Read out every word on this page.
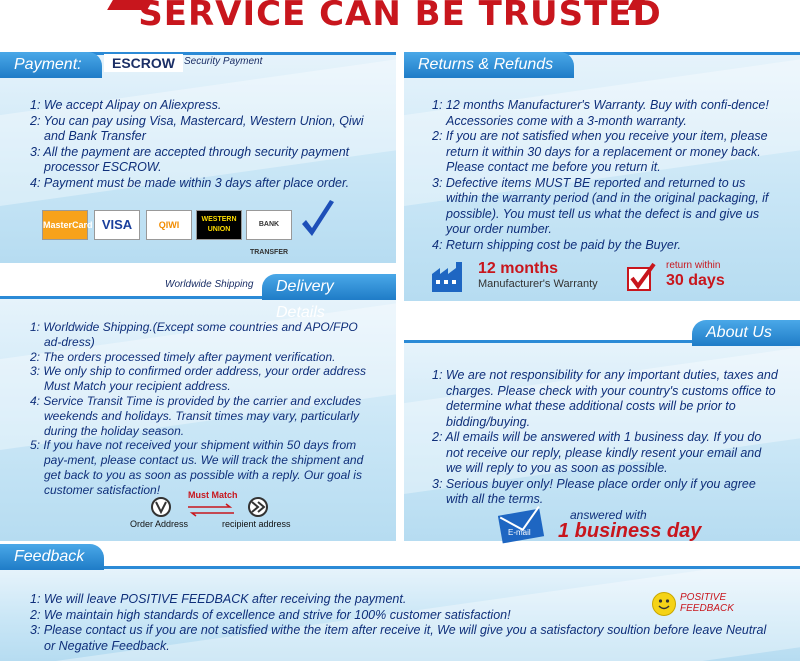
SERVICE CAN BE TRUSTED
Payment:	ESCROW Security Payment
1: We accept Alipay on Aliexpress.
2: You can pay using Visa, Mastercard, Western Union, Qiwi and Bank Transfer
3: All the payment are accepted through security payment processor ESCROW.
4: Payment must be made within 3 days after place order.
MasterCard VISA	QIWI
WESTERN UNION
BANK TRANSFER
Returns & Refunds
1: 12 months Manufacturer's Warranty. Buy with confi-dence! Accessories come with a 3-month warranty.
2: If you are not satisfied when you receive your item, please return it within 30 days for a replacement or money back. Please contact me before you return it.
3: Defective items MUST BE reported and returned to us within the warranty period (and in the original packaging, if possible). You must tell us what the defect is and give us your order number.
4: Return shipping cost be paid by the Buyer.
12 months
Manufacturer's Warranty
return within
30 days
Worldwide Shipping	Delivery Details
1: Worldwide Shipping.(Except some countries and APO/FPO ad-dress)
2: The orders processed timely after payment verification.
3: We only ship to confirmed order address, your order address Must Match your recipient address.
4: Service Transit Time is provided by the carrier and excludes weekends and holidays. Transit times may vary, particularly during the holiday season.
5: If you have not received your shipment within 50 days from pay-ment, please contact us. We will track the shipment and get back to you as soon as possible with a reply. Our goal is customer satisfaction!
Order Address
Must Match
recipient address
About Us
1: We are not responsibility for any important duties, taxes and charges. Please check with your country's customs office to determine what these additional costs will be prior to bidding/buying.
2: All emails will be answered with 1 business day. If you do not receive our reply, please kindly resent your email and we will reply to you as soon as possible.
3: Serious buyer only! Please place order only if you agree with all the terms.
E-mail
answered with
1 business day
Feedback
1: We will leave POSITIVE FEEDBACK after receiving the payment.
2: We maintain high standards of excellence and strive for 100% customer satisfaction!
3: Please contact us if you are not satisfied withe the item after receive it, We will give you a satisfactory soultion before leave Neutral or Negative Feedback.
POSITIVE
FEEDBACK
